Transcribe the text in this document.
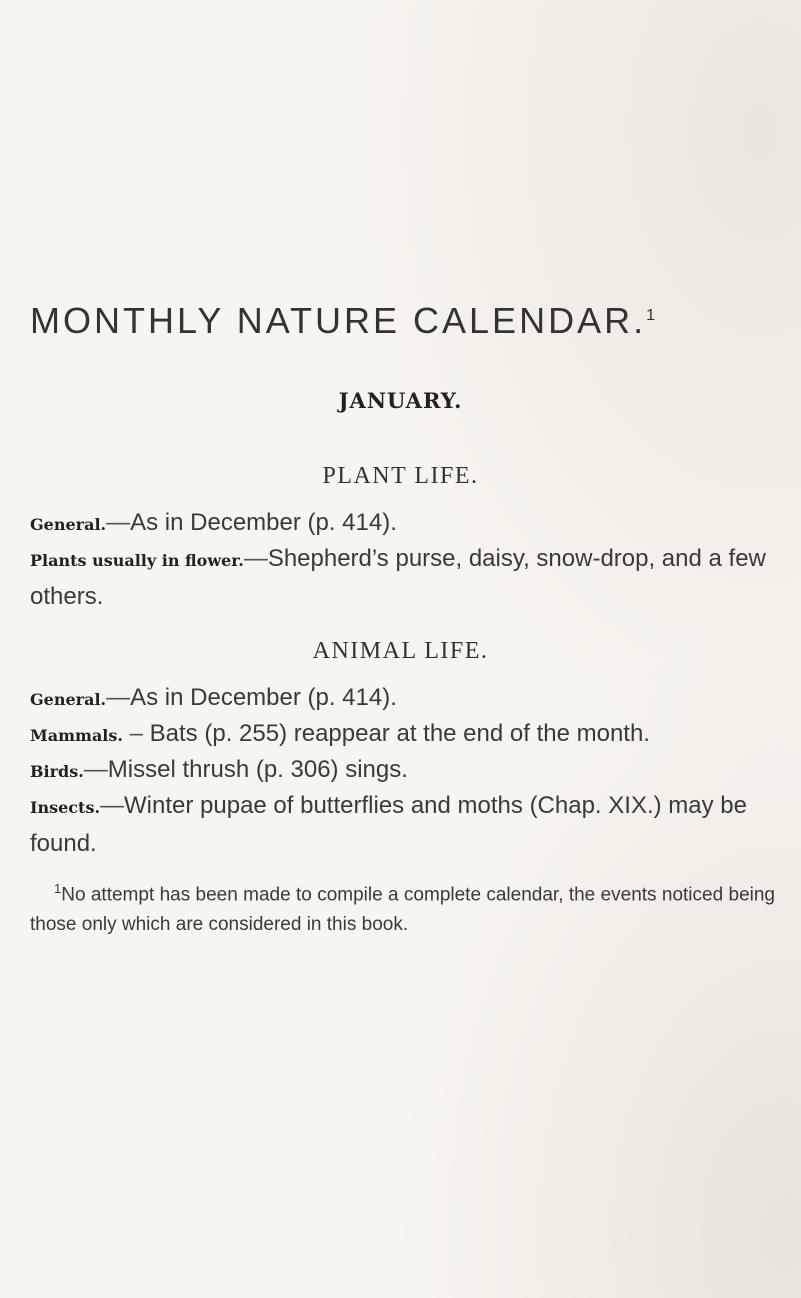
MONTHLY NATURE CALENDAR.$^1$
JANUARY.
PLANT LIFE.

General.—As in December (p. 414).

Plants usually in flower.—Shepherd’s purse, daisy, snow-drop, and a few others.

ANIMAL LIFE.

General.—As in December (p. 414).

Mammals. – Bats (p. 255) reappear at the end of the month.

Birds.—Missel thrush (p. 306) sings.

Insects.—Winter pupae of butterflies and moths (Chap. XIX.) may be found.

$^1$No attempt has been made to compile a complete calendar, the events noticed being those only which are considered in this book.
